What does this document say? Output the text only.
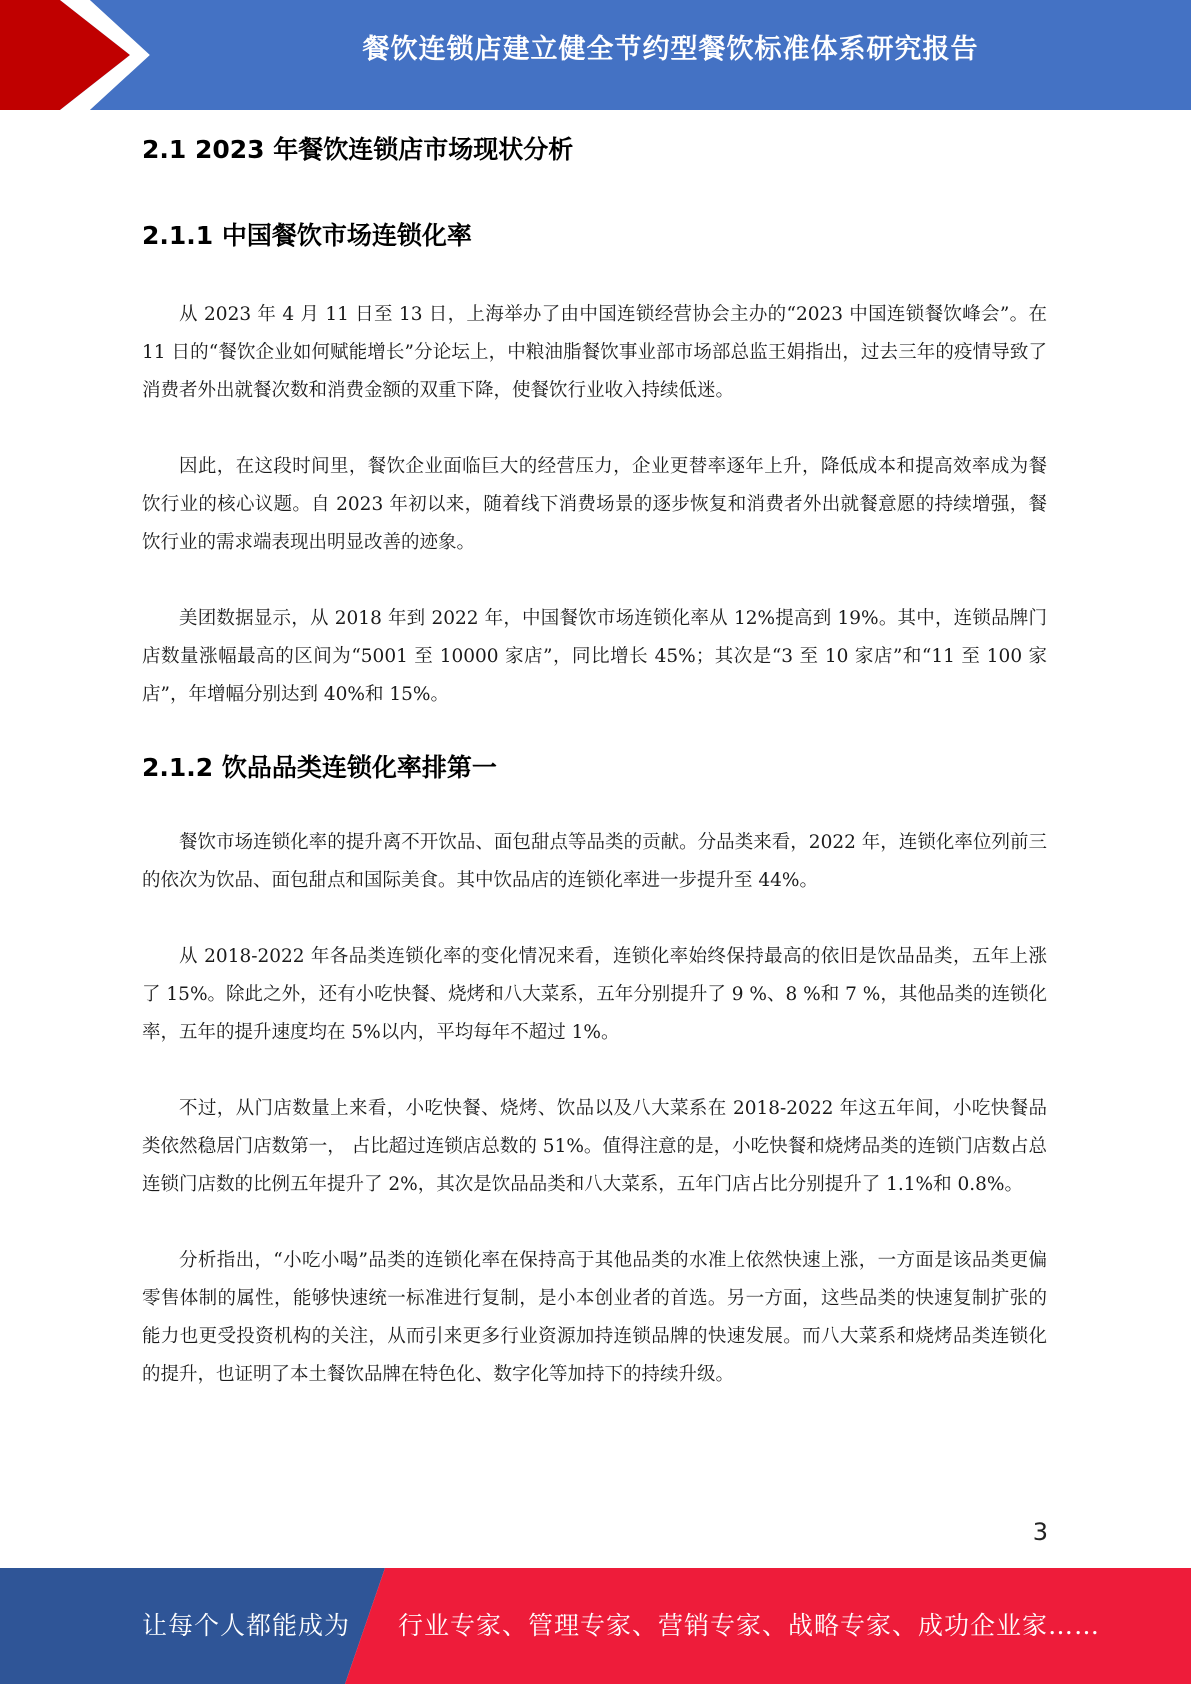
餐饮连锁店建立健全节约型餐饮标准体系研究报告
2.1 2023 年餐饮连锁店市场现状分析
2.1.1 中国餐饮市场连锁化率

从 2023 年 4 月 11 日至 13 日，上海举办了由中国连锁经营协会主办的“2023 中国连锁餐饮峰会”。在 11 日的“餐饮企业如何赋能增长”分论坛上，中粮油脂餐饮事业部市场部总监王娟指出，过去三年的疫情导致了消费者外出就餐次数和消费金额的双重下降，使餐饮行业收入持续低迷。

因此，在这段时间里，餐饮企业面临巨大的经营压力，企业更替率逐年上升，降低成本和提高效率成为餐饮行业的核心议题。自 2023 年初以来，随着线下消费场景的逐步恢复和消费者外出就餐意愿的持续增强，餐饮行业的需求端表现出明显改善的迹象。

美团数据显示，从 2018 年到 2022 年，中国餐饮市场连锁化率从 12%提高到 19%。其中，连锁品牌门店数量涨幅最高的区间为“5001 至 10000 家店”，同比增长 45%；其次是“3 至 10 家店”和“11 至 100 家店”，年增幅分别达到 40%和 15%。

2.1.2 饮品品类连锁化率排第一

餐饮市场连锁化率的提升离不开饮品、面包甜点等品类的贡献。分品类来看，2022 年，连锁化率位列前三的依次为饮品、面包甜点和国际美食。其中饮品店的连锁化率进一步提升至 44%。

从 2018-2022 年各品类连锁化率的变化情况来看，连锁化率始终保持最高的依旧是饮品品类，五年上涨了 15%。除此之外，还有小吃快餐、烧烤和八大菜系，五年分别提升了 9 %、8 %和 7 %，其他品类的连锁化率，五年的提升速度均在 5%以内，平均每年不超过 1%。

不过，从门店数量上来看，小吃快餐、烧烤、饮品以及八大菜系在 2018-2022 年这五年间，小吃快餐品类依然稳居门店数第一， 占比超过连锁店总数的 51%。值得注意的是，小吃快餐和烧烤品类的连锁门店数占总连锁门店数的比例五年提升了 2%，其次是饮品品类和八大菜系，五年门店占比分别提升了 1.1%和 0.8%。

分析指出，“小吃小喝”品类的连锁化率在保持高于其他品类的水准上依然快速上涨，一方面是该品类更偏零售体制的属性，能够快速统一标准进行复制，是小本创业者的首选。另一方面，这些品类的快速复制扩张的能力也更受投资机构的关注，从而引来更多行业资源加持连锁品牌的快速发展。而八大菜系和烧烤品类连锁化的提升，也证明了本土餐饮品牌在特色化、数字化等加持下的持续升级。

3
让每个人都能成为 行业专家、管理专家、营销专家、战略专家、成功企业家……
